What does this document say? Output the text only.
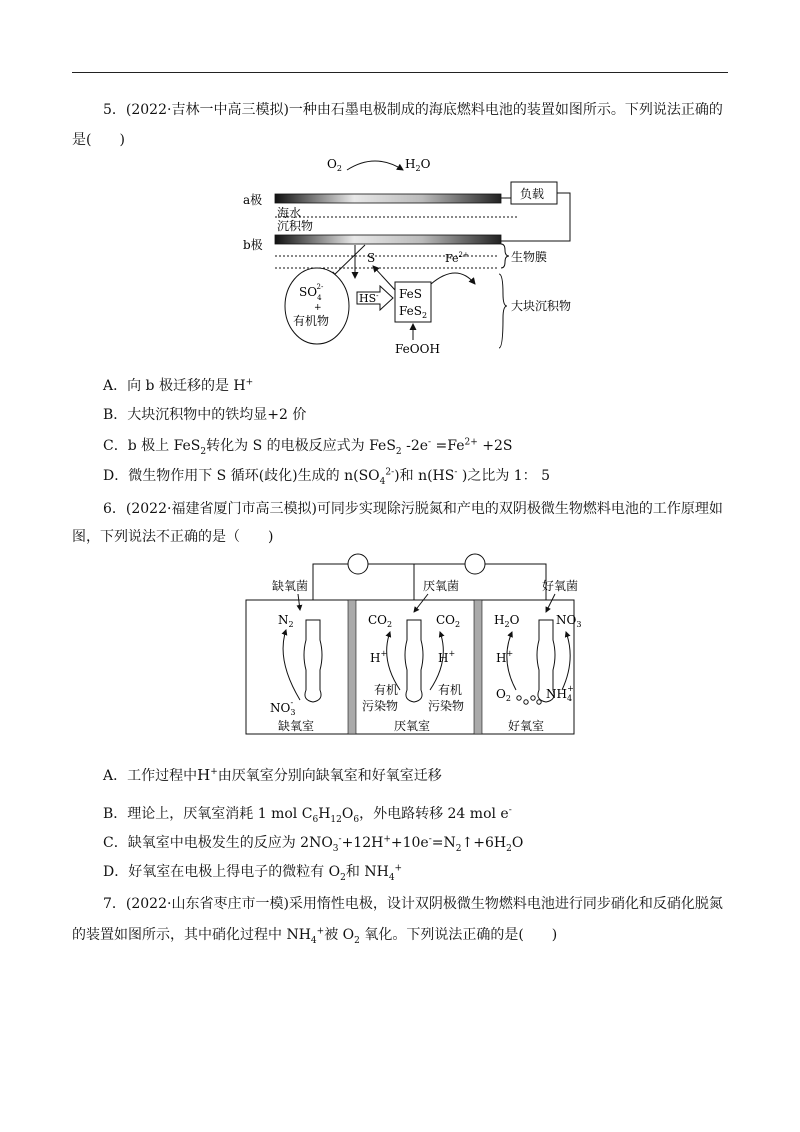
5．(2022·吉林一中高三模拟)一种由石墨电极制成的海底燃料电池的装置如图所示。下列说法正确的
是(　　)
$O_2$	$H_2O$
a极	负载
海水
沉积物
b极
生物膜
大块沉积物
S	$Fe^{2+}$
$SO_42-$
+
有机物
HS- FeS
FeS$_2$
FeOOH
A．向 b 极迁移的是 H+
B．大块沉积物中的铁均显+2 价
C．b 极上 FeS$_2$转化为 S 的电极反应式为 FeS$_2$ $-2e^- =Fe^{2+} +2S$
D．微生物作用下 S 循环(歧化)生成的 $n(SO_4^{2-})$和 n(HS- )之比为 1： 5
6．(2022·福建省厦门市高三模拟)可同步实现除污脱氮和产电的双阴极微生物燃料电池的工作原理如
图，下列说法不正确的是（　　)
缺氧菌	厌氧菌	好氧菌
$N_2$
$NO_3-$
缺氧室
$CO_2$	$CO_2$
H+	H+
有机
污染物
有机
污染物
厌氧室
$H_2O$	$NO_3$
H+
$O_2$	$NH_4+$
好氧室
A．工作过程中H+由厌氧室分别向缺氧室和好氧室迁移
B．理论上，厌氧室消耗 1 mol $C_6H_{12}O_6$，外电路转移 24 mol e-
C．缺氧室中电极发生的反应为 $2NO_3^-+12H^++10e^-=N_2↑+6H_2O$
D．好氧室在电极上得电子的微粒有 $O_2$和 $NH_4^+$
7．(2022·山东省枣庄市一模)采用惰性电极，设计双阴极微生物燃料电池进行同步硝化和反硝化脱氮
的装置如图所示，其中硝化过程中 $NH_4^+$被 $O_2$ 氧化。下列说法正确的是(　　)
